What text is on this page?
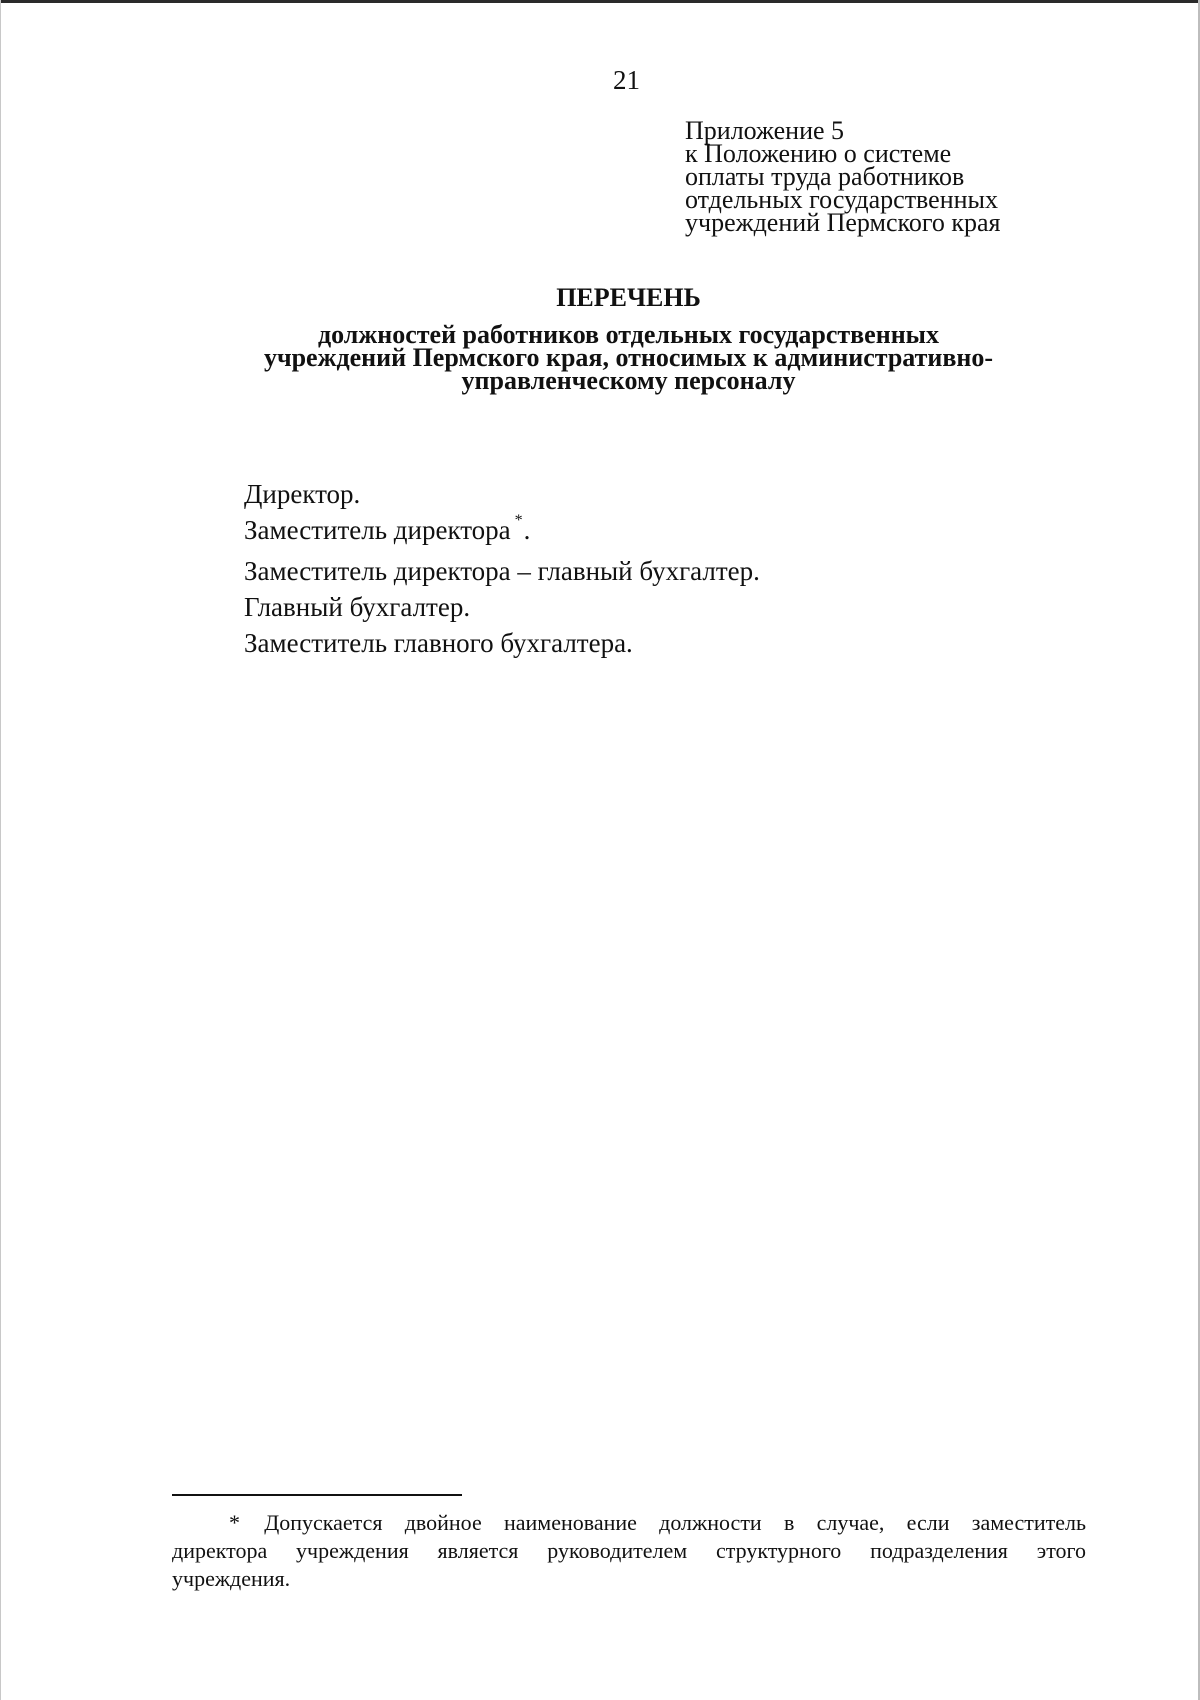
21
Приложение 5
к Положению о системе
оплаты труда работников
отдельных государственных
учреждений Пермского края
ПЕРЕЧЕНЬ
должностей работников отдельных государственных
учреждений Пермского края, относимых к административно-
управленческому персоналу
Директор.
Заместитель директора *.
Заместитель директора – главный бухгалтер.
Главный бухгалтер.
Заместитель главного бухгалтера.
* Допускается двойное наименование должности в случае, если заместитель
директора учреждения является руководителем структурного подразделения этого
учреждения.
